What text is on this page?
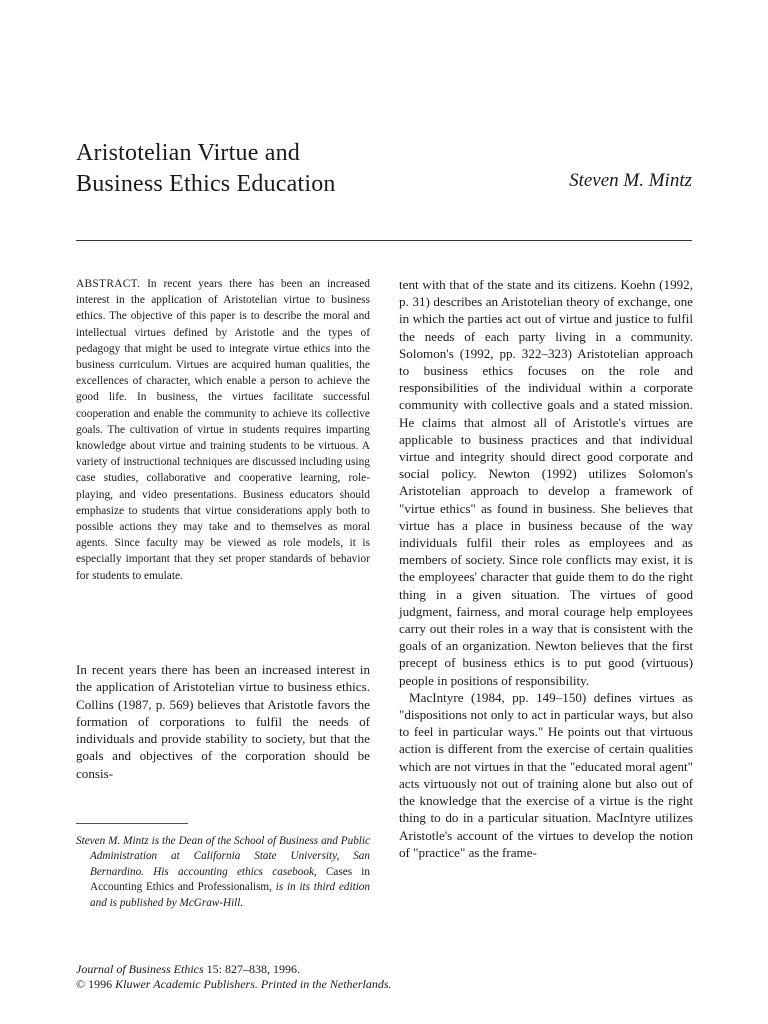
Aristotelian Virtue and
Business Ethics Education	Steven M. Mintz

ABSTRACT. In recent years there has been an increased interest in the application of Aristotelian virtue to business ethics. The objective of this paper is to describe the moral and intellectual virtues defined by Aristotle and the types of pedagogy that might be used to integrate virtue ethics into the business curriculum. Virtues are acquired human qualities, the excellences of character, which enable a person to achieve the good life. In business, the virtues facilitate successful cooperation and enable the community to achieve its collective goals. The cultivation of virtue in students requires imparting knowledge about virtue and training students to be virtuous. A variety of instructional techniques are discussed including using case studies, collaborative and cooperative learning, role-playing, and video presentations. Business educators should emphasize to students that virtue considerations apply both to possible actions they may take and to themselves as moral agents. Since faculty may be viewed as role models, it is especially important that they set proper standards of behavior for students to emulate.

In recent years there has been an increased interest in the application of Aristotelian virtue to business ethics. Collins (1987, p. 569) believes that Aristotle favors the formation of corporations to fulfil the needs of individuals and provide stability to society, but that the goals and objectives of the corporation should be consis-

tent with that of the state and its citizens. Koehn (1992, p. 31) describes an Aristotelian theory of exchange, one in which the parties act out of virtue and justice to fulfil the needs of each party living in a community. Solomon's (1992, pp. 322–323) Aristotelian approach to business ethics focuses on the role and responsibilities of the individual within a corporate community with collective goals and a stated mission. He claims that almost all of Aristotle's virtues are applicable to business practices and that individual virtue and integrity should direct good corporate and social policy. Newton (1992) utilizes Solomon's Aristotelian approach to develop a framework of "virtue ethics" as found in business. She believes that virtue has a place in business because of the way individuals fulfil their roles as employees and as members of society. Since role conflicts may exist, it is the employees' character that guide them to do the right thing in a given situation. The virtues of good judgment, fairness, and moral courage help employees carry out their roles in a way that is consistent with the goals of an organization. Newton believes that the first precept of business ethics is to put good (virtuous) people in positions of responsibility.

MacIntyre (1984, pp. 149–150) defines virtues as "dispositions not only to act in particular ways, but also to feel in particular ways." He points out that virtuous action is different from the exercise of certain qualities which are not virtues in that the "educated moral agent" acts virtuously not out of training alone but also out of the knowledge that the exercise of a virtue is the right thing to do in a particular situation. MacIntyre utilizes Aristotle's account of the virtues to develop the notion of "practice" as the frame-

Steven M. Mintz is the Dean of the School of Business and Public Administration at California State University, San Bernardino. His accounting ethics casebook, Cases in Accounting Ethics and Professionalism, is in its third edition and is published by McGraw-Hill.

Journal of Business Ethics 15: 827–838, 1996.
© 1996 Kluwer Academic Publishers. Printed in the Netherlands.
